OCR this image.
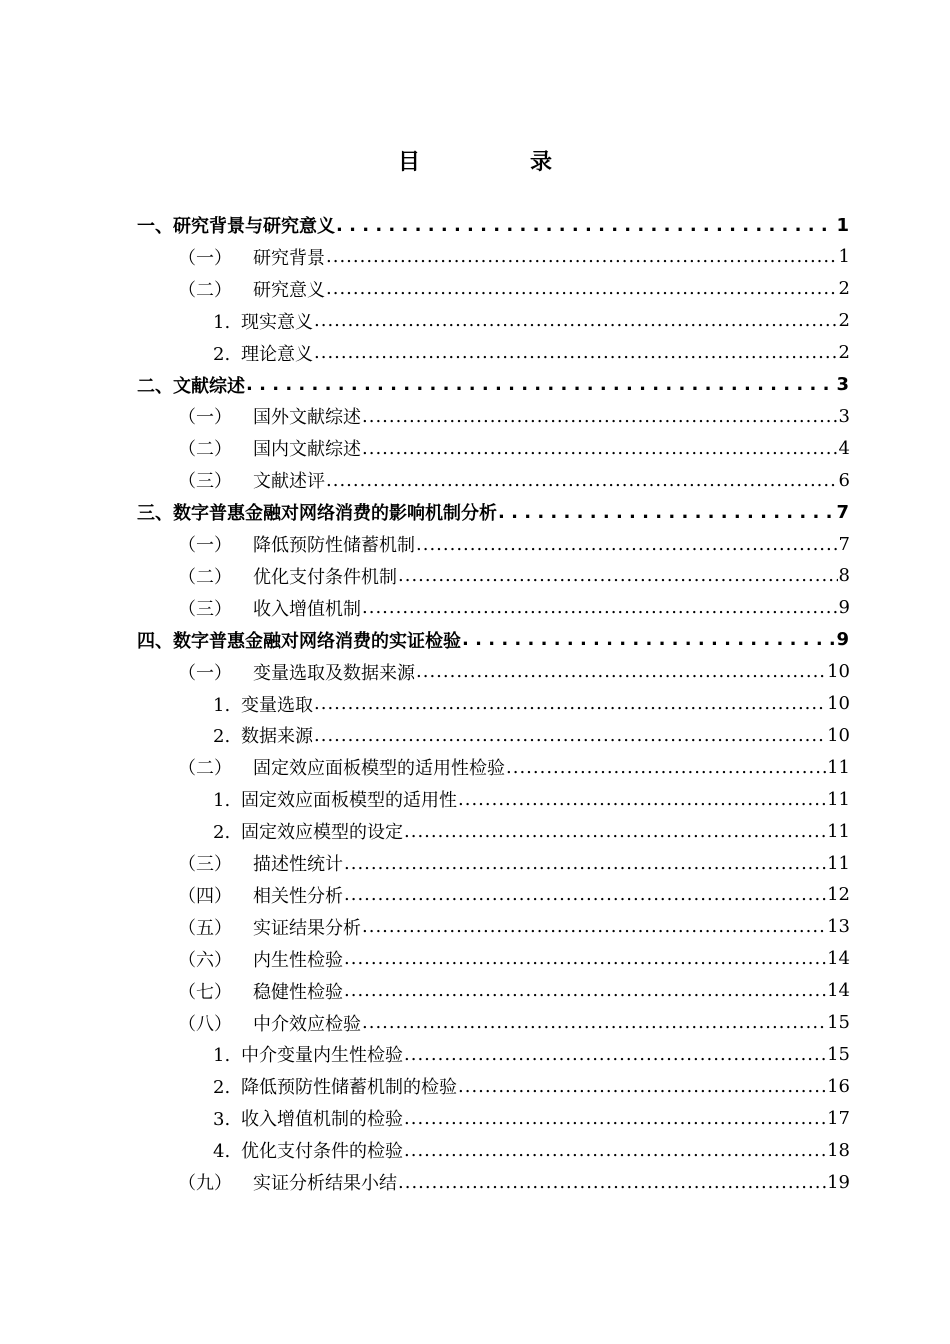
目　录
一、研究背景与研究意义 . . .	1
（一） 研究背景 .....	1
（二） 研究意义 .....	2
1. 现实意义 .....	2
2. 理论意义 .....	2
二、文献综述 . . .	3
（一） 国外文献综述 .....	3
（二） 国内文献综述 .....	4
（三） 文献述评 .....	6
三、数字普惠金融对网络消费的影响机制分析 . . .	7
（一） 降低预防性储蓄机制 .....	7
（二） 优化支付条件机制 .....	8
（三） 收入增值机制 .....	9
四、数字普惠金融对网络消费的实证检验 . . .	9
（一） 变量选取及数据来源 .....	10
1. 变量选取 .....	10
2. 数据来源 .....	10
（二） 固定效应面板模型的适用性检验 .....	11
1. 固定效应面板模型的适用性 .....	11
2. 固定效应模型的设定 .....	11
（三） 描述性统计 .....	11
（四） 相关性分析 .....	12
（五） 实证结果分析 .....	13
（六） 内生性检验 .....	14
（七） 稳健性检验 .....	14
（八） 中介效应检验 .....	15
1. 中介变量内生性检验 .....	15
2. 降低预防性储蓄机制的检验 .....	16
3. 收入增值机制的检验 .....	17
4. 优化支付条件的检验 .....	18
（九） 实证分析结果小结 .....	19
